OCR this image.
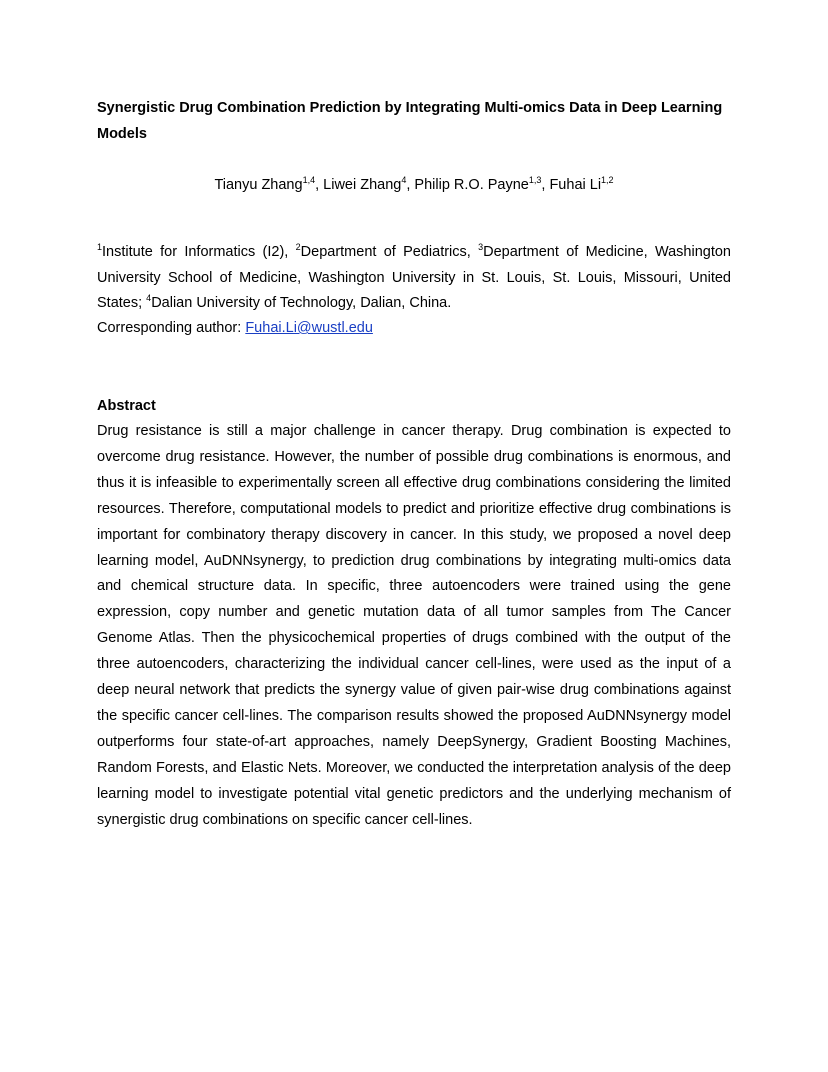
Synergistic Drug Combination Prediction by Integrating Multi-omics Data in Deep Learning Models

Tianyu Zhang$^{1,4}$, Liwei Zhang$^4$, Philip R.O. Payne$^{1,3}$, Fuhai Li$^{1,2}$

$^1$Institute for Informatics (I2), $^2$Department of Pediatrics, $^3$Department of Medicine, Washington University School of Medicine, Washington University in St. Louis, St. Louis, Missouri, United States; $^4$Dalian University of Technology, Dalian, China.

Corresponding author: Fuhai.Li@wustl.edu

Abstract

Drug resistance is still a major challenge in cancer therapy. Drug combination is expected to overcome drug resistance. However, the number of possible drug combinations is enormous, and thus it is infeasible to experimentally screen all effective drug combinations considering the limited resources. Therefore, computational models to predict and prioritize effective drug combinations is important for combinatory therapy discovery in cancer. In this study, we proposed a novel deep learning model, AuDNNsynergy, to prediction drug combinations by integrating multi-omics data and chemical structure data. In specific, three autoencoders were trained using the gene expression, copy number and genetic mutation data of all tumor samples from The Cancer Genome Atlas. Then the physicochemical properties of drugs combined with the output of the three autoencoders, characterizing the individual cancer cell-lines, were used as the input of a deep neural network that predicts the synergy value of given pair-wise drug combinations against the specific cancer cell-lines. The comparison results showed the proposed AuDNNsynergy model outperforms four state-of-art approaches, namely DeepSynergy, Gradient Boosting Machines, Random Forests, and Elastic Nets. Moreover, we conducted the interpretation analysis of the deep learning model to investigate potential vital genetic predictors and the underlying mechanism of synergistic drug combinations on specific cancer cell-lines.
